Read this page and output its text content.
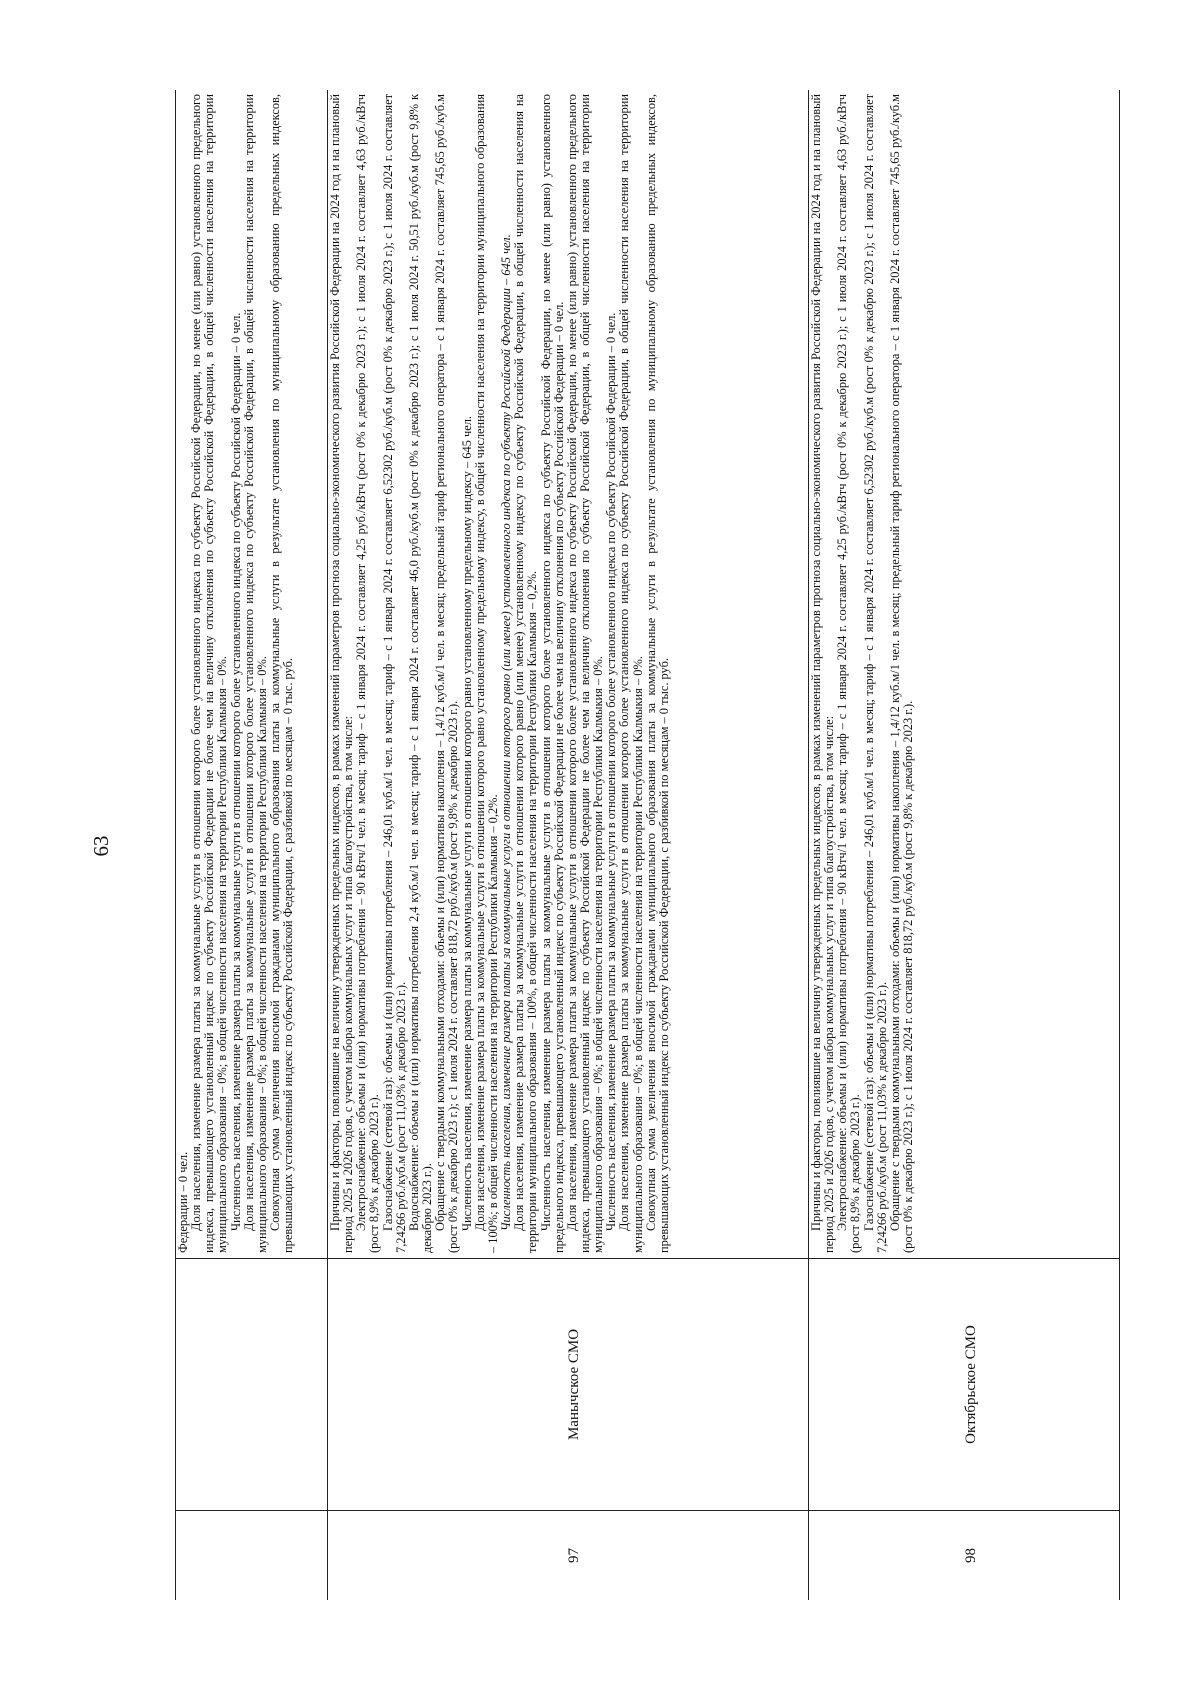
63

Федерации – 0 чел. Доля населения, изменение размера платы за коммунальные услуги в отношении которого более установленного индекса по субъекту Российской Федерации, но менее (или равно) установленного предельного индекса, превышающего установленный индекс по субъекту Российской Федерации не более чем на величину отклонения по субъекту Российской Федерации, в общей численности населения на территории муниципального образования – 0%; в общей численности населения на территории Республики Калмыкия – 0%. Численность населения, изменение размера платы за коммунальные услуги в отношении которого более установленного индекса по субъекту Российской Федерации – 0 чел. Доля населения, изменение размера платы за коммунальные услуги в отношении которого более установленного индекса по субъекту Российской Федерации, в общей численности населения на территории муниципального образования – 0%; в общей численности населения на территории Республики Калмыкия – 0%. Совокупная сумма увеличения вносимой гражданами муниципального образования платы за коммунальные услуги в результате установления по муниципальному образованию предельных индексов, превышающих установленный индекс по субъекту Российской Федерации, с разбивкой по месяцам – 0 тыс. руб.

97
Манычское СМО

Причины и факторы, повлиявшие на величину утвержденных предельных индексов, в рамках изменений параметров прогноза социально-экономического развития Российской Федерации на 2024 год и на плановый период 2025 и 2026 годов, с учетом набора коммунальных услуг и типа благоустройства, в том числе: Электроснабжение: объемы и (или) нормативы потребления – 90 кВтч/1 чел. в месяц; тариф – с 1 января 2024 г. составляет 4,25 руб./кВтч (рост 0% к декабрю 2023 г.); с 1 июля 2024 г. составляет 4,63 руб./кВтч (рост 8,9% к декабрю 2023 г.). Газоснабжение (сетевой газ): объемы и (или) нормативы потребления – 246,01 куб.м/1 чел. в месяц; тариф – с 1 января 2024 г. составляет 6,52302 руб./куб.м (рост 0% к декабрю 2023 г.); с 1 июля 2024 г. составляет 7,24266 руб./куб.м (рост 11,03% к декабрю 2023 г.). Водоснабжение: объемы и (или) нормативы потребления 2,4 куб.м/1 чел. в месяц; тариф – с 1 января 2024 г. составляет 46,0 руб./куб.м (рост 0% к декабрю 2023 г.); с 1 июля 2024 г. 50,51 руб./куб.м (рост 9,8% к декабрю 2023 г.). Обращение с твердыми коммунальными отходами: объемы и (или) нормативы накопления – 1,4/12 куб.м/1 чел. в месяц; предельный тариф регионального оператора – с 1 января 2024 г. составляет 745,65 руб./куб.м (рост 0% к декабрю 2023 г.); с 1 июля 2024 г. составляет 818,72 руб./куб.м (рост 9,8% к декабрю 2023 г.). Численность населения, изменение размера платы за коммунальные услуги в отношении которого равно установленному предельному индексу – 645 чел. Доля населения, изменение размера платы за коммунальные услуги в отношении которого равно установленному предельному индексу, в общей численности населения на территории муниципального образования – 100%; в общей численности населения на территории Республики Калмыкия – 0,2%. Численность населения, изменение размера платы за коммунальные услуги в отношении которого равно (или менее) установленного индекса по субъекту Российской Федерации – 645 чел. Доля населения, изменение размера платы за коммунальные услуги в отношении которого равно (или менее) установленному индексу по субъекту Российской Федерации, в общей численности населения на территории муниципального образования – 100%, в общей численности населения на территории Республики Калмыкия – 0,2%. Численность населения, изменение размера платы за коммунальные услуги в отношении которого более установленного индекса по субъекту Российской Федерации, но менее (или равно) установленного предельного индекса, превышающего установленный индекс по субъекту Российской Федерации не более чем на величину отклонения по субъекту Российской Федерации – 0 чел. Доля населения, изменение размера платы за коммунальные услуги в отношении которого более установленного индекса по субъекту Российской Федерации, но менее (или равно) установленного предельного индекса, превышающего установленный индекс по субъекту Российской Федерации не более чем на величину отклонения по субъекту Российской Федерации, в общей численности населения на территории муниципального образования – 0%; в общей численности населения на территории Республики Калмыкия – 0%. Численность населения, изменение размера платы за коммунальные услуги в отношении которого более установленного индекса по субъекту Российской Федерации – 0 чел. Доля населения, изменение размера платы за коммунальные услуги в отношении которого более установленного индекса по субъекту Российской Федерации, в общей численности населения на территории муниципального образования – 0%; в общей численности населения на территории Республики Калмыкия – 0%. Совокупная сумма увеличения вносимой гражданами муниципального образования платы за коммунальные услуги в результате установления по муниципальному образованию предельных индексов, превышающих установленный индекс по субъекту Российской Федерации, с разбивкой по месяцам – 0 тыс. руб.

98
Октябрьское СМО

Причины и факторы, повлиявшие на величину утвержденных предельных индексов, в рамках изменений параметров прогноза социально-экономического развития Российской Федерации на 2024 год и на плановый период 2025 и 2026 годов, с учетом набора коммунальных услуг и типа благоустройства, в том числе: Электроснабжение: объемы и (или) нормативы потребления – 90 кВтч/1 чел. в месяц; тариф – с 1 января 2024 г. составляет 4,25 руб./кВтч (рост 0% к декабрю 2023 г.); с 1 июля 2024 г. составляет 4,63 руб./кВтч (рост 8,9% к декабрю 2023 г.). Газоснабжение (сетевой газ): объемы и (или) нормативы потребления – 246,01 куб.м/1 чел. в месяц; тариф – с 1 января 2024 г. составляет 6,52302 руб./куб.м (рост 0% к декабрю 2023 г.); с 1 июля 2024 г. составляет 7,24266 руб./куб.м (рост 11,03% к декабрю 2023 г.). Обращение с твердыми коммунальными отходами: объемы и (или) нормативы накопления – 1,4/12 куб.м/1 чел. в месяц; предельный тариф регионального оператора – с 1 января 2024 г. составляет 745,65 руб./куб.м (рост 0% к декабрю 2023 г.); с 1 июля 2024 г. составляет 818,72 руб./куб.м (рост 9,8% к декабрю 2023 г.).
